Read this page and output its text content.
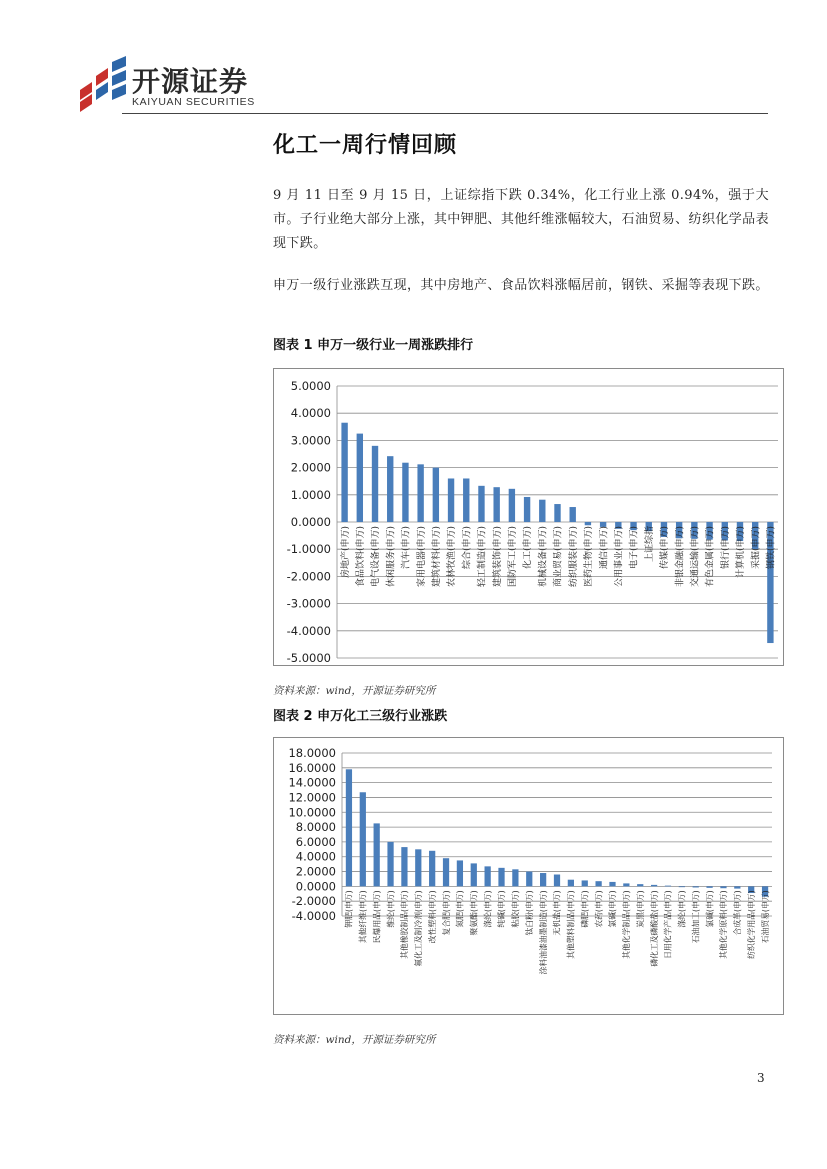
开源证券
KAIYUAN SECURITIES
化工一周行情回顾
9 月 11 日至 9 月 15 日，上证综指下跌 0.34%，化工行业上涨 0.94%，强于大市。子行业绝大部分上涨，其中钾肥、其他纤维涨幅较大，石油贸易、纺织化学品表现下跌。
申万一级行业涨跌互现，其中房地产、食品饮料涨幅居前，钢铁、采掘等表现下跌。
图表 1 申万一级行业一周涨跌排行
5.0000
4.0000
3.0000
2.0000
1.0000
0.0000
-1.0000
-2.0000
-3.0000
-4.0000
-5.0000
房地产(申万) 食品饮料(申万) 电气设备(申万) 休闲服务(申万) 汽车(申万) 家用电器(申万) 建筑材料(申万) 农林牧渔(申万) 综合(申万) 轻工制造(申万) 建筑装饰(申万) 国防军工(申万) 化工(申万) 机械设备(申万) 商业贸易(申万) 纺织服装(申万) 医药生物(申万) 通信(申万) 公用事业(申万) 电子(申万) 上证综指 传媒(申万) 非银金融(申万) 交通运输(申万) 有色金属(申万) 银行(申万) 计算机(申万) 采掘(申万) 钢铁(申万)
资料来源：wind，开源证券研究所
图表 2 申万化工三级行业涨跌
18.0000
16.0000
14.0000
12.0000
10.0000
8.0000
6.0000
4.0000
2.0000
0.0000
-2.0000
-4.0000 钾肥(申万) 其他纤维(申万) 民爆用品(申万) 维纶(申万) 其他橡胶制品(申万) 氟化工及制冷剂(申万) 改性塑料(申万) 复合肥(申万) 氮肥(申万) 聚氨酯(申万) 涤纶(申万) 纯碱(申万) 粘胶(申万) 钛白粉(申万) 涂料油漆油墨制造(申万) 无机盐(申万) 其他塑料制品(申万) 磷肥(申万) 农药(申万) 氯碱(申万) 其他化学制品(申万) 炭黑(申万) 磷化工及磷酸盐(申万) 日用化学产品(申万) 涤纶(申万) 石油加工(申万) 氯碱(申万) 其他化学原料(申万) 合成革(申万) 纺织化学用品(申万) 石油贸易(申万)
资料来源：wind，开源证券研究所
3
